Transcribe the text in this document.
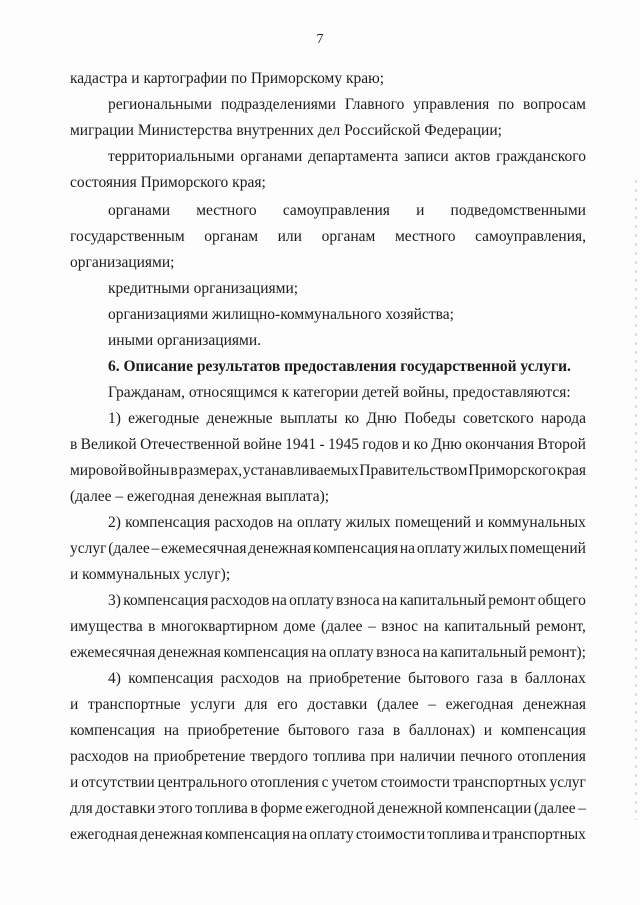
7
кадастра и картографии по Приморскому краю;
региональными подразделениями Главного управления по вопросам
миграции Министерства внутренних дел Российской Федерации;
территориальными органами департамента записи актов гражданского
состояния Приморского края;
органами местного самоуправления и подведомственными
государственным органам или органам местного самоуправления,
организациями;
кредитными организациями;
организациями жилищно-коммунального хозяйства;
иными организациями.
6. Описание результатов предоставления государственной услуги.
Гражданам, относящимся к категории детей войны, предоставляются:
1) ежегодные денежные выплаты ко Дню Победы советского народа
в Великой Отечественной войне 1941 - 1945 годов и ко Дню окончания Второй
мировой войны в размерах, устанавливаемых Правительством Приморского края
(далее – ежегодная денежная выплата);
2) компенсация расходов на оплату жилых помещений и коммунальных
услуг (далее – ежемесячная денежная компенсация на оплату жилых помещений
и коммунальных услуг);
3) компенсация расходов на оплату взноса на капитальный ремонт общего
имущества в многоквартирном доме (далее – взнос на капитальный ремонт,
ежемесячная денежная компенсация на оплату взноса на капитальный ремонт);
4) компенсация расходов на приобретение бытового газа в баллонах
и транспортные услуги для его доставки (далее – ежегодная денежная
компенсация на приобретение бытового газа в баллонах) и компенсация
расходов на приобретение твердого топлива при наличии печного отопления
и отсутствии центрального отопления с учетом стоимости транспортных услуг
для доставки этого топлива в форме ежегодной денежной компенсации (далее –
ежегодная денежная компенсация на оплату стоимости топлива и транспортных
